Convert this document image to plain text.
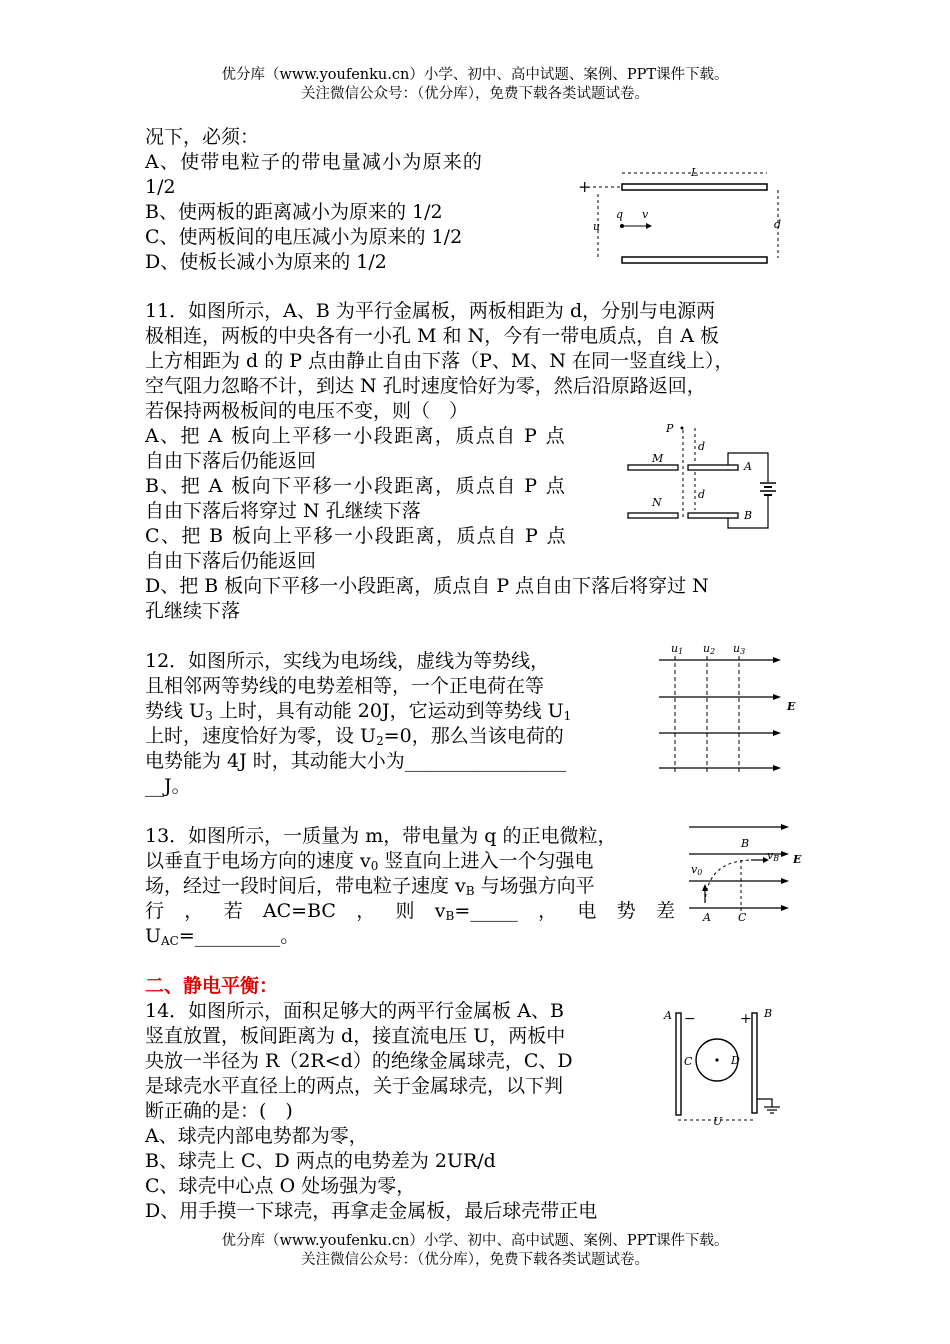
优分库（www.youfenku.cn）小学、初中、高中试题、案例、PPT课件下载。
关注微信公众号：（优分库），免费下载各类试题试卷。
况下，必须：
A、使带电粒子的带电量减小为原来的
1/2
B、使两板的距离减小为原来的 1/2
C、使两板间的电压减小为原来的 1/2
D、使板长减小为原来的 1/2
+
L
u	d
q v
11．如图所示，A、B 为平行金属板，两板相距为 d，分别与电源两
极相连，两板的中央各有一小孔 M 和 N，今有一带电质点，自 A 板
上方相距为 d 的 P 点由静止自由下落（P、M、N 在同一竖直线上），
空气阻力忽略不计，到达 N 孔时速度恰好为零，然后沿原路返回，
若保持两极板间的电压不变，则（　）
A、把 A 板向上平移一小段距离，质点自 P 点
自由下落后仍能返回
B、把 A 板向下平移一小段距离，质点自 P 点
自由下落后将穿过 N 孔继续下落
C、把 B 板向上平移一小段距离，质点自 P 点
自由下落后仍能返回
D、把 B 板向下平移一小段距离，质点自 P 点自由下落后将穿过 N
孔继续下落
P
d
d
M
N
A
B
12．如图所示，实线为电场线，虚线为等势线，
且相邻两等势线的电势差相等，一个正电荷在等
势线 $U_3$ 上时，具有动能 20J，它运动到等势线 $U_1$
上时，速度恰好为零，设 $U_2=0$，那么当该电荷的
电势能为 4J 时，其动能大小为_________________
__J。
u1 u2 u3
E
13．如图所示，一质量为 m，带电量为 q 的正电微粒，
以垂直于电场方向的速度 $v_0$ 竖直向上进入一个匀强电
场，经过一段时间后，带电粒子速度 $v_B$ 与场强方向平
行 ， 若 AC=BC ， 则 $v_B=\_\_\_\_\_$ ， 电 势 差
$U_{AC}=\_\_\_\_\_\_\_\_\_$。
B
E
v0
vB
A C
二、静电平衡：
14．如图所示，面积足够大的两平行金属板 A、B
竖直放置，板间距离为 d，接直流电压 U，两板中
央放一半径为 R（2R<d）的绝缘金属球壳，C、D
是球壳水平直径上的两点，关于金属球壳，以下判
断正确的是：(　)
A、球壳内部电势都为零，
B、球壳上 C、D 两点的电势差为 2UR/d
C、球壳中心点 O 处场强为零，
D、用手摸一下球壳，再拿走金属板，最后球壳带正电
A	B
−	+
C	D
U
优分库（www.youfenku.cn）小学、初中、高中试题、案例、PPT课件下载。
关注微信公众号：（优分库），免费下载各类试题试卷。
